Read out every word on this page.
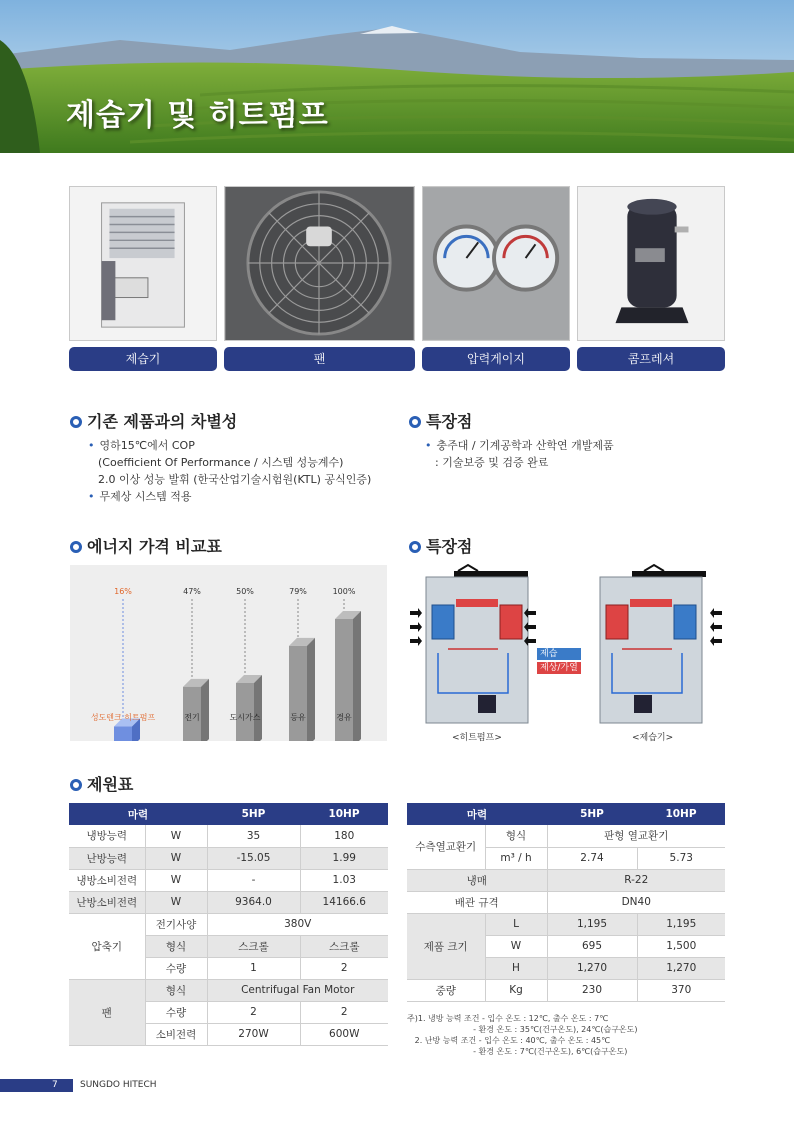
제습기 및 히트펌프
제습기	팬	압력게이지	콤프레셔
기존 제품과의 차별성
• 영하15℃에서 COP
(Coefficient Of Performance / 시스템 성능계수)
2.0 이상 성능 발휘 (한국산업기술시험원(KTL) 공식인증)
• 무제상 시스템 적용
특장점
• 충주대 / 기계공학과 산학연 개발제품
: 기술보증 및 검증 완료
에너지 가격 비교표
16%
성도텐크 히트펌프
47%
전기
50%
도시가스
79%
등유
100%
경유
특장점
제습
제상/가열
<히트펌프>	<제습기>
제원표
마력		5HP	10HP
냉방능력	W	35	180
난방능력	W	-15.05	1.99
냉방소비전력	W	-	1.03
난방소비전력	W	9364.0	14166.6
압축기	전기사양	380V	
	형식	스크롤	스크롤
	수량	1	2
팬	형식	Centrifugal Fan Motor	
	수량	2	2
	소비전력	270W	600W
마력		5HP	10HP
수측열교환기	형식	판형 열교환기	
	m³ / h	2.74	5.73
냉매		R-22	
배관 규격		DN40	
제품 크기	L	1,195	1,195
	W	695	1,500
	H	1,270	1,270
중량	Kg	230	370
주)1. 냉방 능력 조건 - 입수 온도 : 12℃, 출수 온도 : 7℃
- 환경 온도 : 35℃(건구온도), 24℃(습구온도)
2. 난방 능력 조건 - 입수 온도 : 40℃, 출수 온도 : 45℃
- 환경 온도 : 7℃(건구온도), 6℃(습구온도)
7 SUNGDO HITECH
